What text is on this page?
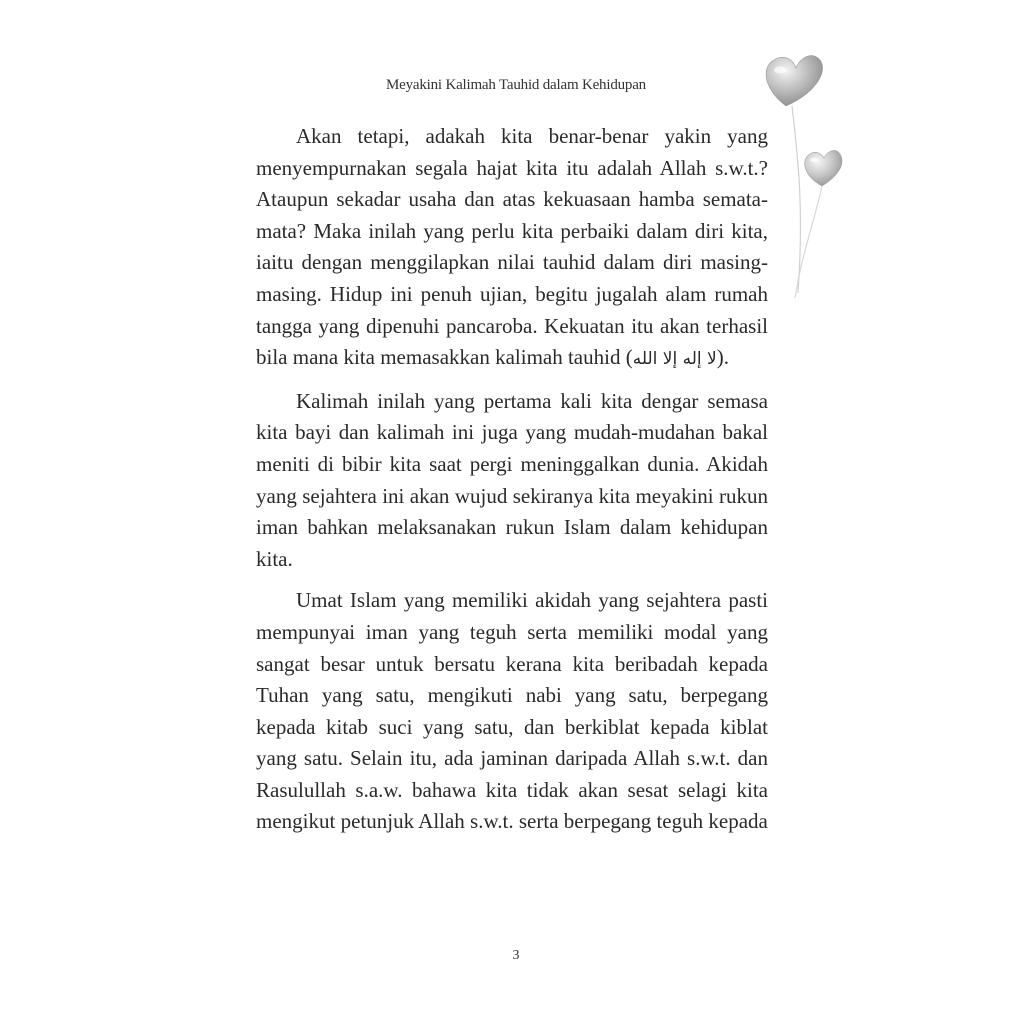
Meyakini Kalimah Tauhid dalam Kehidupan

Akan tetapi, adakah kita benar-benar yakin yang menyempurnakan segala hajat kita itu adalah Allah s.w.t.? Ataupun sekadar usaha dan atas kekuasaan hamba semata-mata? Maka inilah yang perlu kita perbaiki dalam diri kita, iaitu dengan menggilapkan nilai tauhid dalam diri masing-masing. Hidup ini penuh ujian, begitu jugalah alam rumah tangga yang dipenuhi pancaroba. Kekuatan itu akan terhasil bila mana kita memasakkan kalimah tauhid (لا إله إلا الله).

Kalimah inilah yang pertama kali kita dengar semasa kita bayi dan kalimah ini juga yang mudah-mudahan bakal meniti di bibir kita saat pergi meninggalkan dunia. Akidah yang sejahtera ini akan wujud sekiranya kita meyakini rukun iman bahkan melaksanakan rukun Islam dalam kehidupan kita.

Umat Islam yang memiliki akidah yang sejahtera pasti mempunyai iman yang teguh serta memiliki modal yang sangat besar untuk bersatu kerana kita beribadah kepada Tuhan yang satu, mengikuti nabi yang satu, berpegang kepada kitab suci yang satu, dan berkiblat kepada kiblat yang satu. Selain itu, ada jaminan daripada Allah s.w.t. dan Rasulullah s.a.w. bahawa kita tidak akan sesat selagi kita mengikut petunjuk Allah s.w.t. serta berpegang teguh kepada

3
